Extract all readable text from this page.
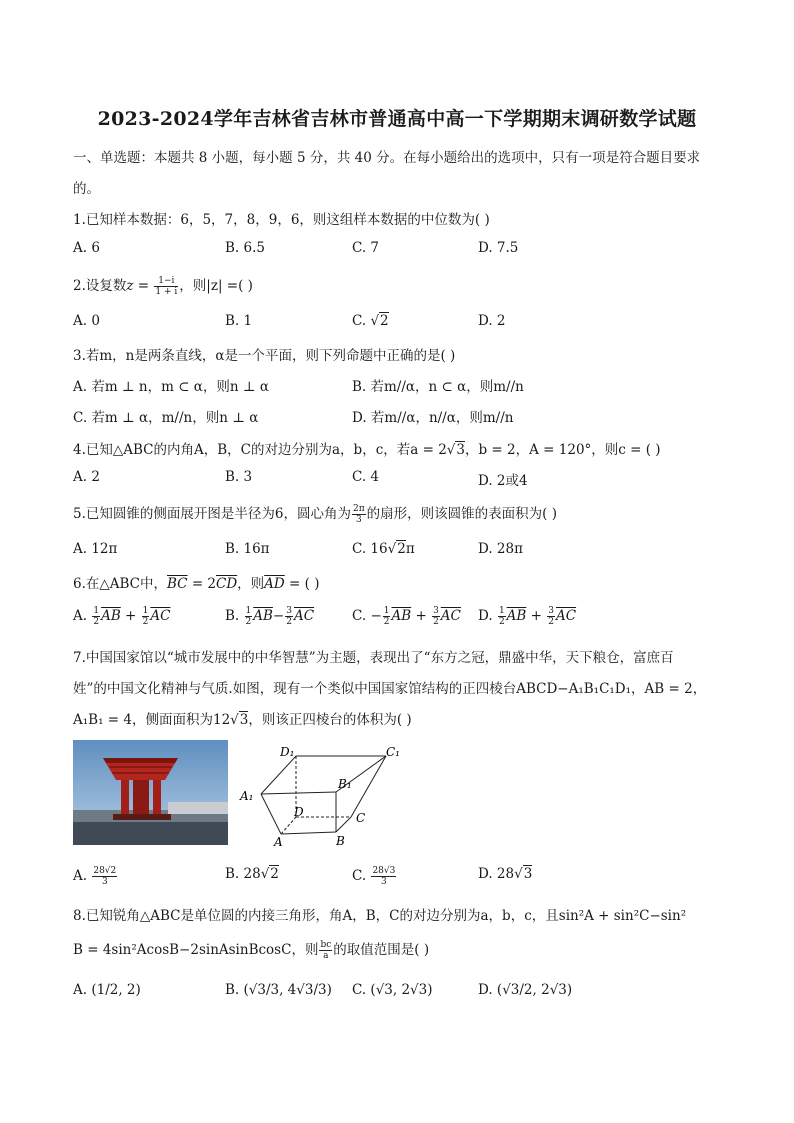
2023-2024学年吉林省吉林市普通高中高一下学期期末调研数学试题
一、单选题：本题共 8 小题，每小题 5 分，共 40 分。在每小题给出的选项中，只有一项是符合题目要求
的。
1.已知样本数据：6，5，7，8，9，6，则这组样本数据的中位数为( )
A. 6	B. 6.5	C. 7	D. 7.5
2.设复数$z = \frac{1-i}{1 + i}$ ，则|z| =( )
A. 0	B. 1	C. √2	D. 2
3.若m，n是两条直线，α是一个平面，则下列命题中正确的是( )
A. 若m ⊥ n，m ⊂ α，则n ⊥ α	B. 若m//α，n ⊂ α，则m//n
C. 若m ⊥ α，m//n，则n ⊥ α	D. 若m//α，n//α，则m//n
4.已知△ABC的内角A，B，C的对边分别为a，b，c，若a = 2√3，b = 2，A = 120°，则c = ( )
A. 2	B. 3	C. 4	D. 2或4
5.已知圆锥的侧面展开图是半径为6，圆心角为 $\frac{2\pi}{3}$ 的扇形，则该圆锥的表面积为( )
A. 12π	B. 16π	C. 16√2π	D. 28π
6.在△ABC中，$\overline{BC} = 2\overline{CD}$，则$\overline{AD}$ = ( )
A. $\frac{1}{2} \overline{AB} + \frac{1}{2} \overline{AC}$	B. $\frac{1}{2} \overline{AB}- \frac{3}{2} \overline{AC}$	C. − $\frac{1}{2} \overline{AB} + \frac{3}{2} \overline{AC}$ D. $\frac{1}{2} \overline{AB} + \frac{3}{2} \overline{AC}$
7.中国国家馆以“城市发展中的中华智慧”为主题，表现出了“东方之冠，鼎盛中华，天下粮仓，富庶百
姓”的中国文化精神与气质.如图，现有一个类似中国国家馆结构的正四棱台ABCD−A₁B₁C₁D₁，AB = 2，
A₁B₁ = 4，侧面面积为12√3，则该正四棱台的体积为( )
D₁	C₁
A₁
B₁
D	C
A	B
A. $\frac{28√2}{3}$	B. 28√2	C. $\frac{28√3}{3}$	D. 28√3
8.已知锐角△ABC是单位圆的内接三角形，角A，B，C的对边分别为a，b，c，且sin²A + sin²C−sin²
B = 4sin²AcosB−2sinAsinBcosC，则 $\frac{bc}{a}$ 的取值范围是( )
A. (1/2, 2)	B. (√3/3, 4√3/3) C. (√3, 2√3)	D. (√3/2, 2√3)
